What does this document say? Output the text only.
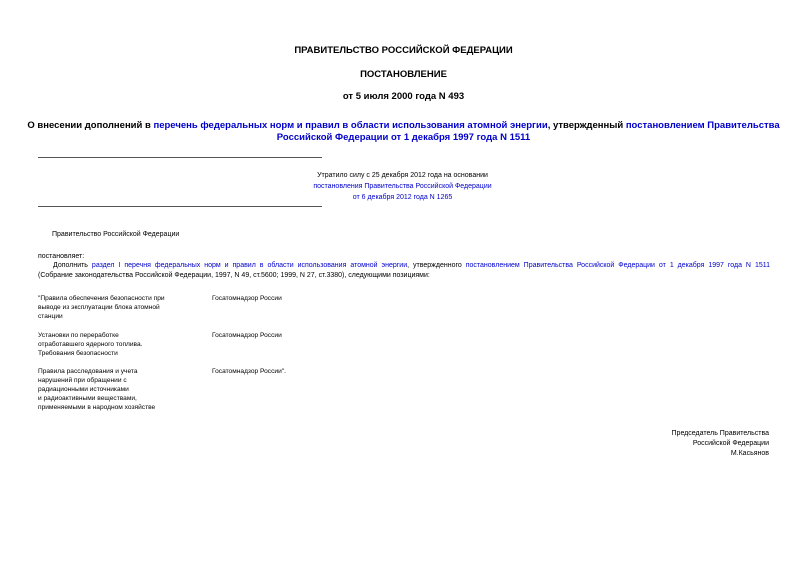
ПРАВИТЕЛЬСТВО РОССИЙСКОЙ ФЕДЕРАЦИИ
ПОСТАНОВЛЕНИЕ
от 5 июля 2000 года N 493
О внесении дополнений в перечень федеральных норм и правил в области использования атомной энергии, утвержденный постановлением Правительства
Российской Федерации от 1 декабря 1997 года N 1511
Утратило силу с 25 декабря 2012 года на основании
постановления Правительства Российской Федерации
от 6 декабря 2012 года N 1265
Правительство Российской Федерации
постановляет:
Дополнить раздел I перечня федеральных норм и правил в области использования атомной энергии, утвержденного постановлением Правительства Российской Федерации от 1 декабря 1997 года N 1511
(Собрание законодательства Российской Федерации, 1997, N 49, ст.5600; 1999, N 27, ст.3380), следующими позициями:
"Правила обеспечения безопасности при
выводе из эксплуатации блока атомной
станции
Госатомнадзор России
Установки по переработке
отработавшего ядерного топлива.
Требования безопасности
Госатомнадзор России
Правила расследования и учета
нарушений при обращении с
радиационными источниками
и радиоактивными веществами,
применяемыми в народном хозяйстве
Госатомнадзор России".
Председатель Правительства
Российской Федерации
М.Касьянов
